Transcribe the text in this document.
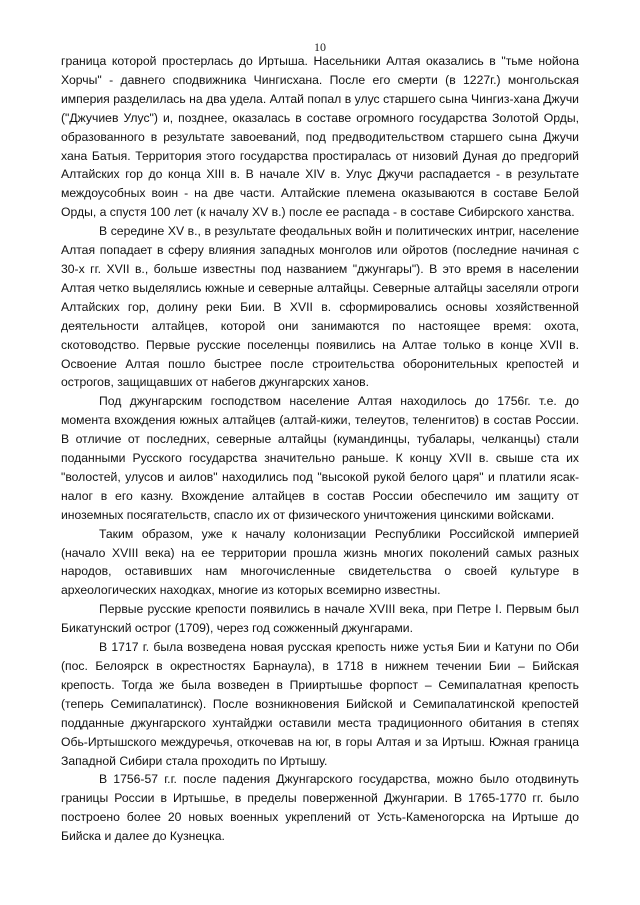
10

граница которой простерлась до Иртыша. Насельники Алтая оказались в "тьме нойона Хорчы" - давнего сподвижника Чингисхана. После его смерти (в 1227г.) монгольская империя разделилась на два удела. Алтай попал в улус старшего сына Чингиз-хана Джучи ("Джучиев Улус") и, позднее, оказалась в составе огромного государства Золотой Орды, образованного в результате завоеваний, под предводительством старшего сына Джучи хана Батыя. Территория этого государства простиралась от низовий Дуная до предгорий Алтайских гор до конца XIII в. В начале XIV в. Улус Джучи распадается - в результате междоусобных воин - на две части. Алтайские племена оказываются в составе Белой Орды, а спустя 100 лет (к началу XV в.) после ее распада - в составе Сибирского ханства.

В середине XV в., в результате феодальных войн и политических интриг, население Алтая попадает в сферу влияния западных монголов или ойротов (последние начиная с 30-х гг. XVII в., больше известны под названием "джунгары"). В это время в населении Алтая четко выделялись южные и северные алтайцы. Северные алтайцы заселяли отроги Алтайских гор, долину реки Бии. В XVII в. сформировались основы хозяйственной деятельности алтайцев, которой они занимаются по настоящее время: охота, скотоводство. Первые русские поселенцы появились на Алтае только в конце XVII в. Освоение Алтая пошло быстрее после строительства оборонительных крепостей и острогов, защищавших от набегов джунгарских ханов.

Под джунгарским господством население Алтая находилось до 1756г. т.е. до момента вхождения южных алтайцев (алтай-кижи, телеутов, теленгитов) в состав России. В отличие от последних, северные алтайцы (кумандинцы, тубалары, челканцы) стали поданными Русского государства значительно раньше. К концу XVII в. свыше ста их "волостей, улусов и аилов" находились под "высокой рукой белого царя" и платили ясак-налог в его казну. Вхождение алтайцев в состав России обеспечило им защиту от иноземных посягательств, спасло их от физического уничтожения цинскими войсками.

Таким образом, уже к началу колонизации Республики Российской империей (начало XVIII века) на ее территории прошла жизнь многих поколений самых разных народов, оставивших нам многочисленные свидетельства о своей культуре в археологических находках, многие из которых всемирно известны.

Первые русские крепости появились в начале XVIII века, при Петре I. Первым был Бикатунский острог (1709), через год сожженный джунгарами.

В 1717 г. была возведена новая русская крепость ниже устья Бии и Катуни по Оби (пос. Белоярск в окрестностях Барнаула), в 1718 в нижнем течении Бии – Бийская крепость. Тогда же была возведен в Прииртышье форпост – Семипалатная крепость (теперь Семипалатинск). После возникновения Бийской и Семипалатинской крепостей подданные джунгарского хунтайджи оставили места традиционного обитания в степях Обь-Иртышского междуречья, откочевав на юг, в горы Алтая и за Иртыш. Южная граница Западной Сибири стала проходить по Иртышу.

В 1756-57 г.г. после падения Джунгарского государства, можно было отодвинуть границы России в Иртышье, в пределы поверженной Джунгарии. В 1765-1770 гг. было построено более 20 новых военных укреплений от Усть-Каменогорска на Иртыше до Бийска и далее до Кузнецка.
